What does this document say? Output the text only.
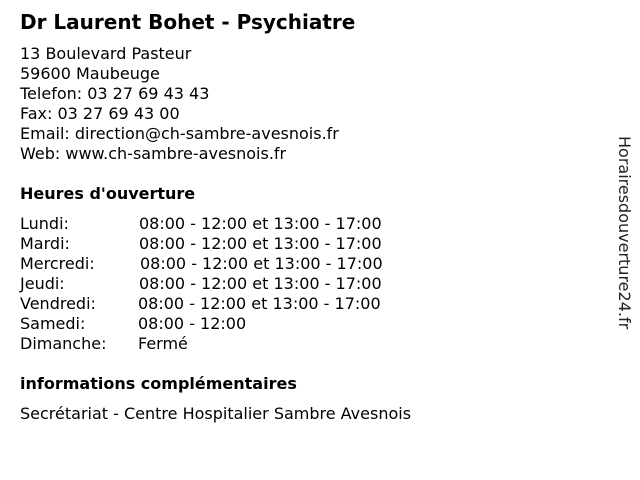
Dr Laurent Bohet - Psychiatre
13 Boulevard Pasteur
59600 Maubeuge
Telefon: 03 27 69 43 43
Fax: 03 27 69 43 00
Email: direction@ch-sambre-avesnois.fr
Web: www.ch-sambre-avesnois.fr
Heures d'ouverture
Lundi:	08:00 - 12:00 et 13:00 - 17:00
Mardi:	08:00 - 12:00 et 13:00 - 17:00
Mercredi:	08:00 - 12:00 et 13:00 - 17:00
Jeudi:	08:00 - 12:00 et 13:00 - 17:00
Vendredi:	08:00 - 12:00 et 13:00 - 17:00
Samedi:	08:00 - 12:00
Dimanche: Fermé
informations complémentaires
Secrétariat - Centre Hospitalier Sambre Avesnois
Horairesdouverture24.fr
